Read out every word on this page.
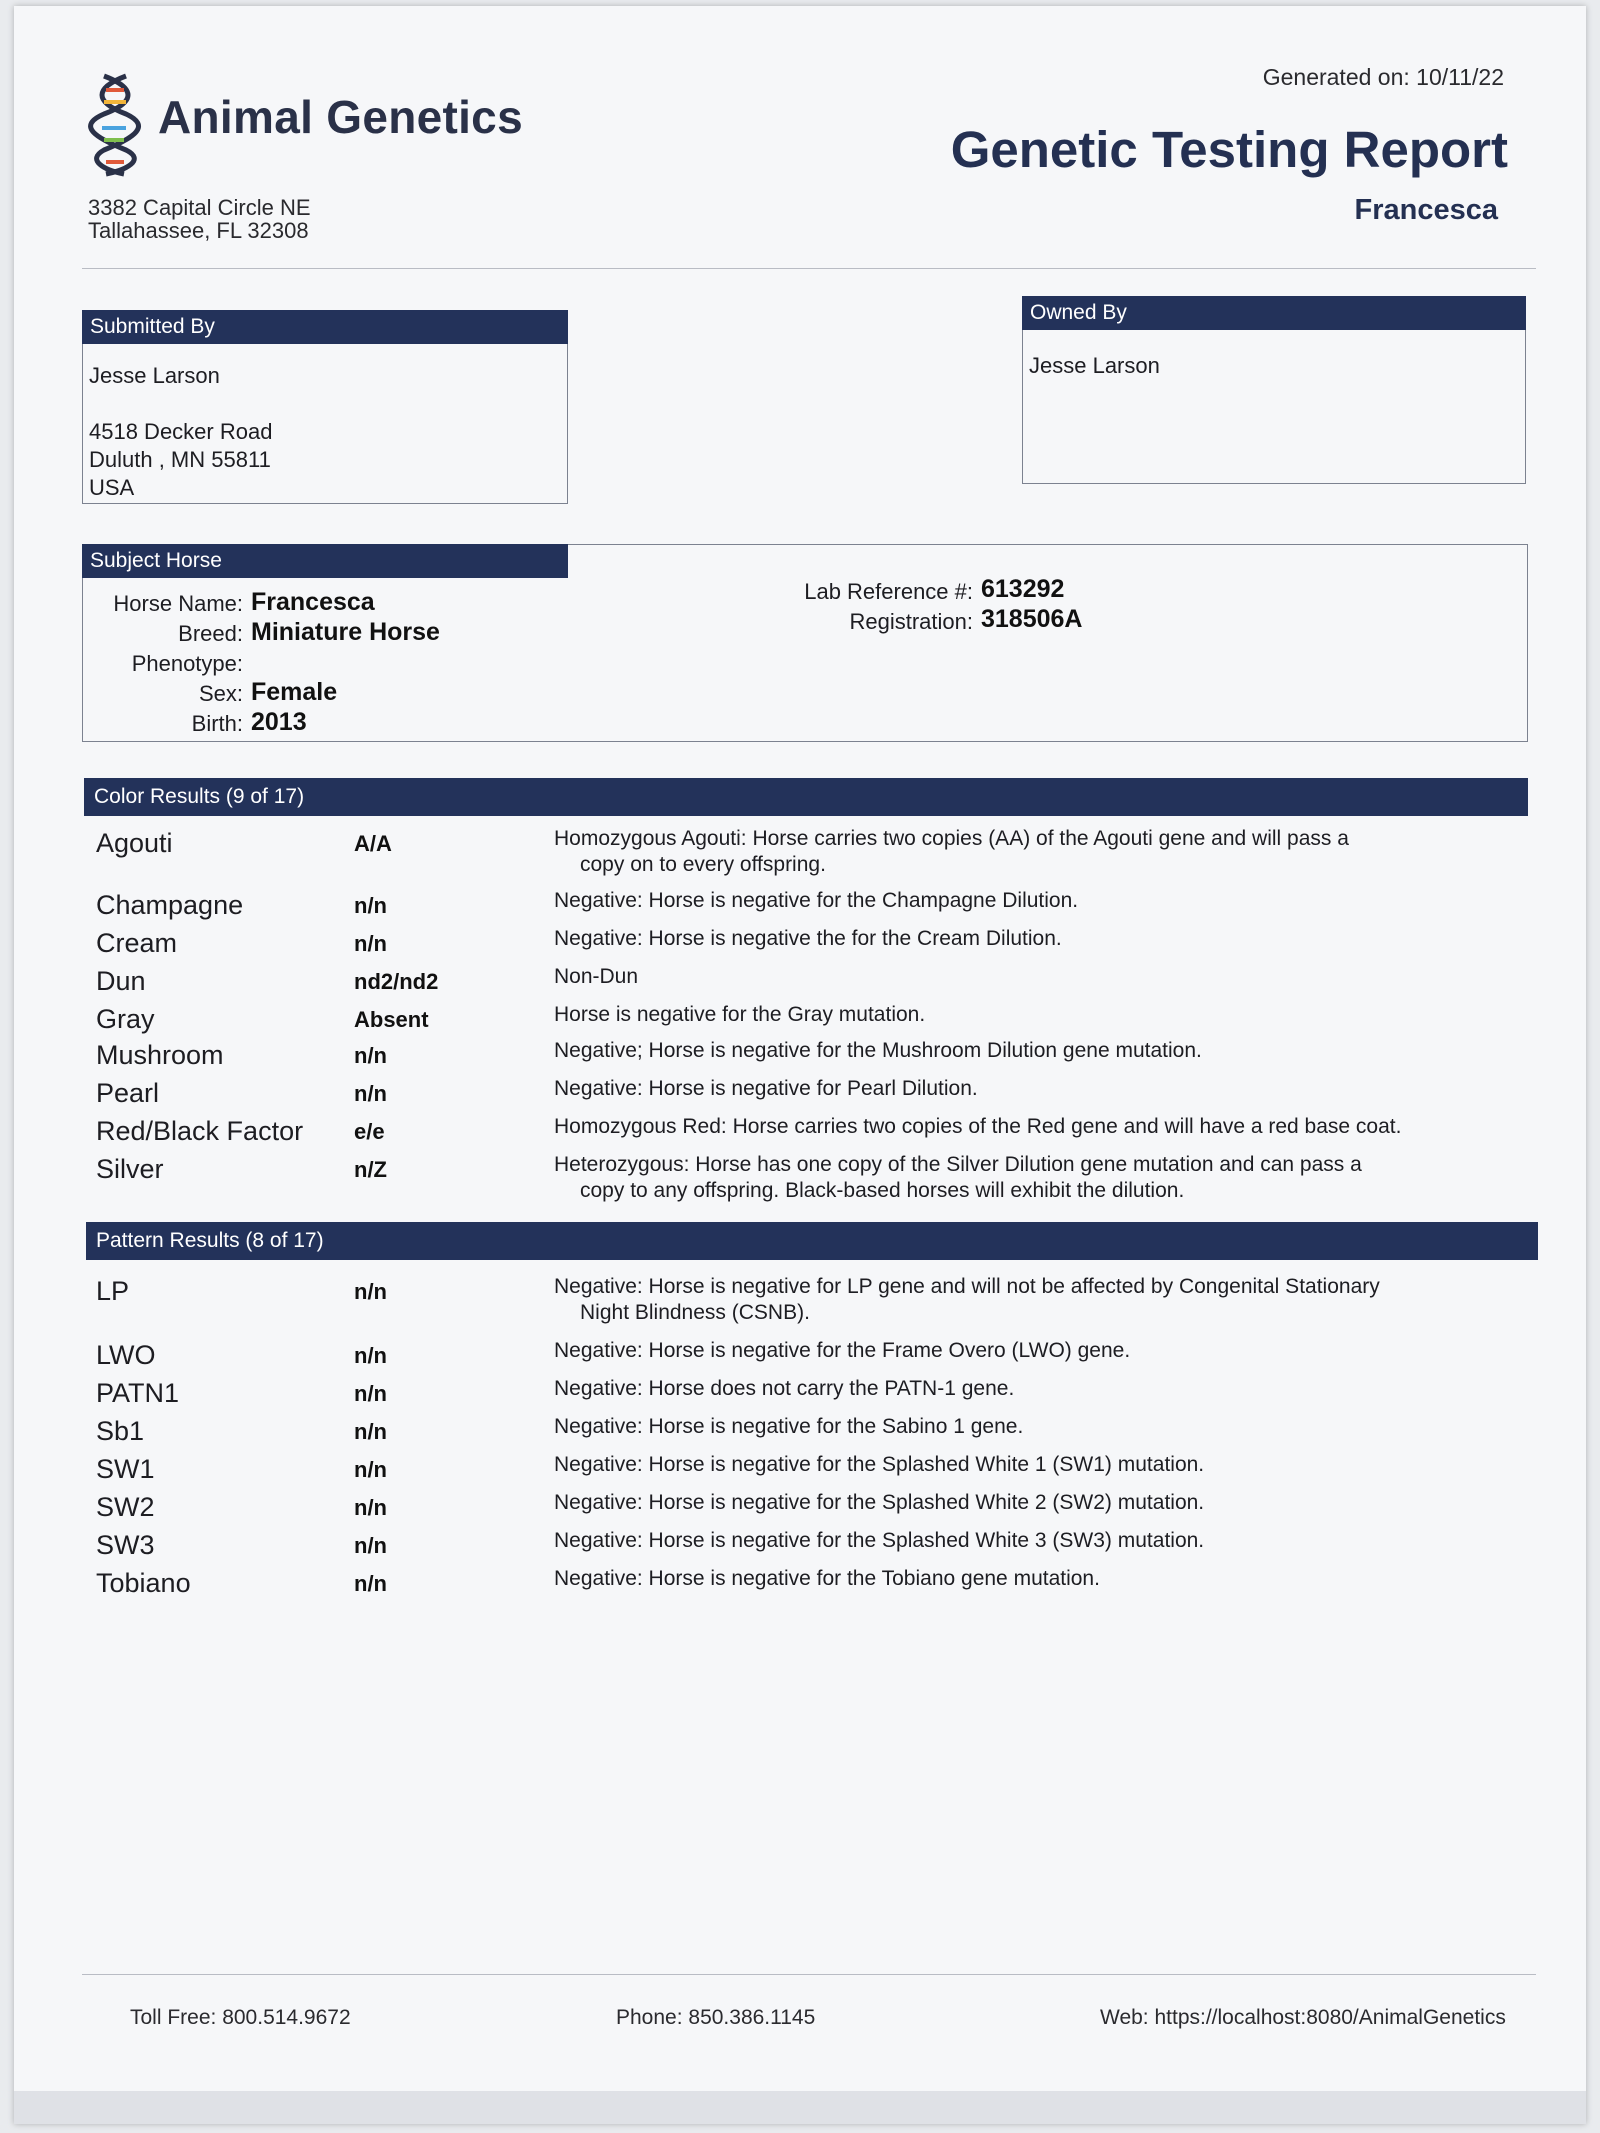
Animal Genetics
3382 Capital Circle NE
Tallahassee, FL 32308
Generated on: 10/11/22
Genetic Testing Report
Francesca
Submitted By
Jesse Larson
4518 Decker Road
Duluth , MN 55811
USA
Owned By
Jesse Larson
Subject Horse
Horse Name: Francesca
Breed: Miniature Horse
Phenotype:
Sex: Female
Birth: 2013
Lab Reference #: 613292
Registration: 318506A
Color Results (9 of 17)
Agouti	A/A	Homozygous Agouti: Horse carries two copies (AA) of the Agouti gene and will pass a
copy on to every offspring.
Champagne	n/n	Negative: Horse is negative for the Champagne Dilution.
Cream	n/n	Negative: Horse is negative the for the Cream Dilution.
Dun	nd2/nd2	Non-Dun
Gray	Absent	Horse is negative for the Gray mutation.
Mushroom	n/n	Negative; Horse is negative for the Mushroom Dilution gene mutation.
Pearl	n/n	Negative: Horse is negative for Pearl Dilution.
Red/Black Factor e/e	Homozygous Red: Horse carries two copies of the Red gene and will have a red base coat.
Silver	n/Z	Heterozygous: Horse has one copy of the Silver Dilution gene mutation and can pass a
copy to any offspring. Black-based horses will exhibit the dilution.
Pattern Results (8 of 17)
LP	n/n	Negative: Horse is negative for LP gene and will not be affected by Congenital Stationary
Night Blindness (CSNB).
LWO	n/n	Negative: Horse is negative for the Frame Overo (LWO) gene.
PATN1	n/n	Negative: Horse does not carry the PATN-1 gene.
Sb1	n/n	Negative: Horse is negative for the Sabino 1 gene.
SW1	n/n	Negative: Horse is negative for the Splashed White 1 (SW1) mutation.
SW2	n/n	Negative: Horse is negative for the Splashed White 2 (SW2) mutation.
SW3	n/n	Negative: Horse is negative for the Splashed White 3 (SW3) mutation.
Tobiano	n/n	Negative: Horse is negative for the Tobiano gene mutation.
Toll Free: 800.514.9672	Phone: 850.386.1145	Web: https://localhost:8080/AnimalGenetics
